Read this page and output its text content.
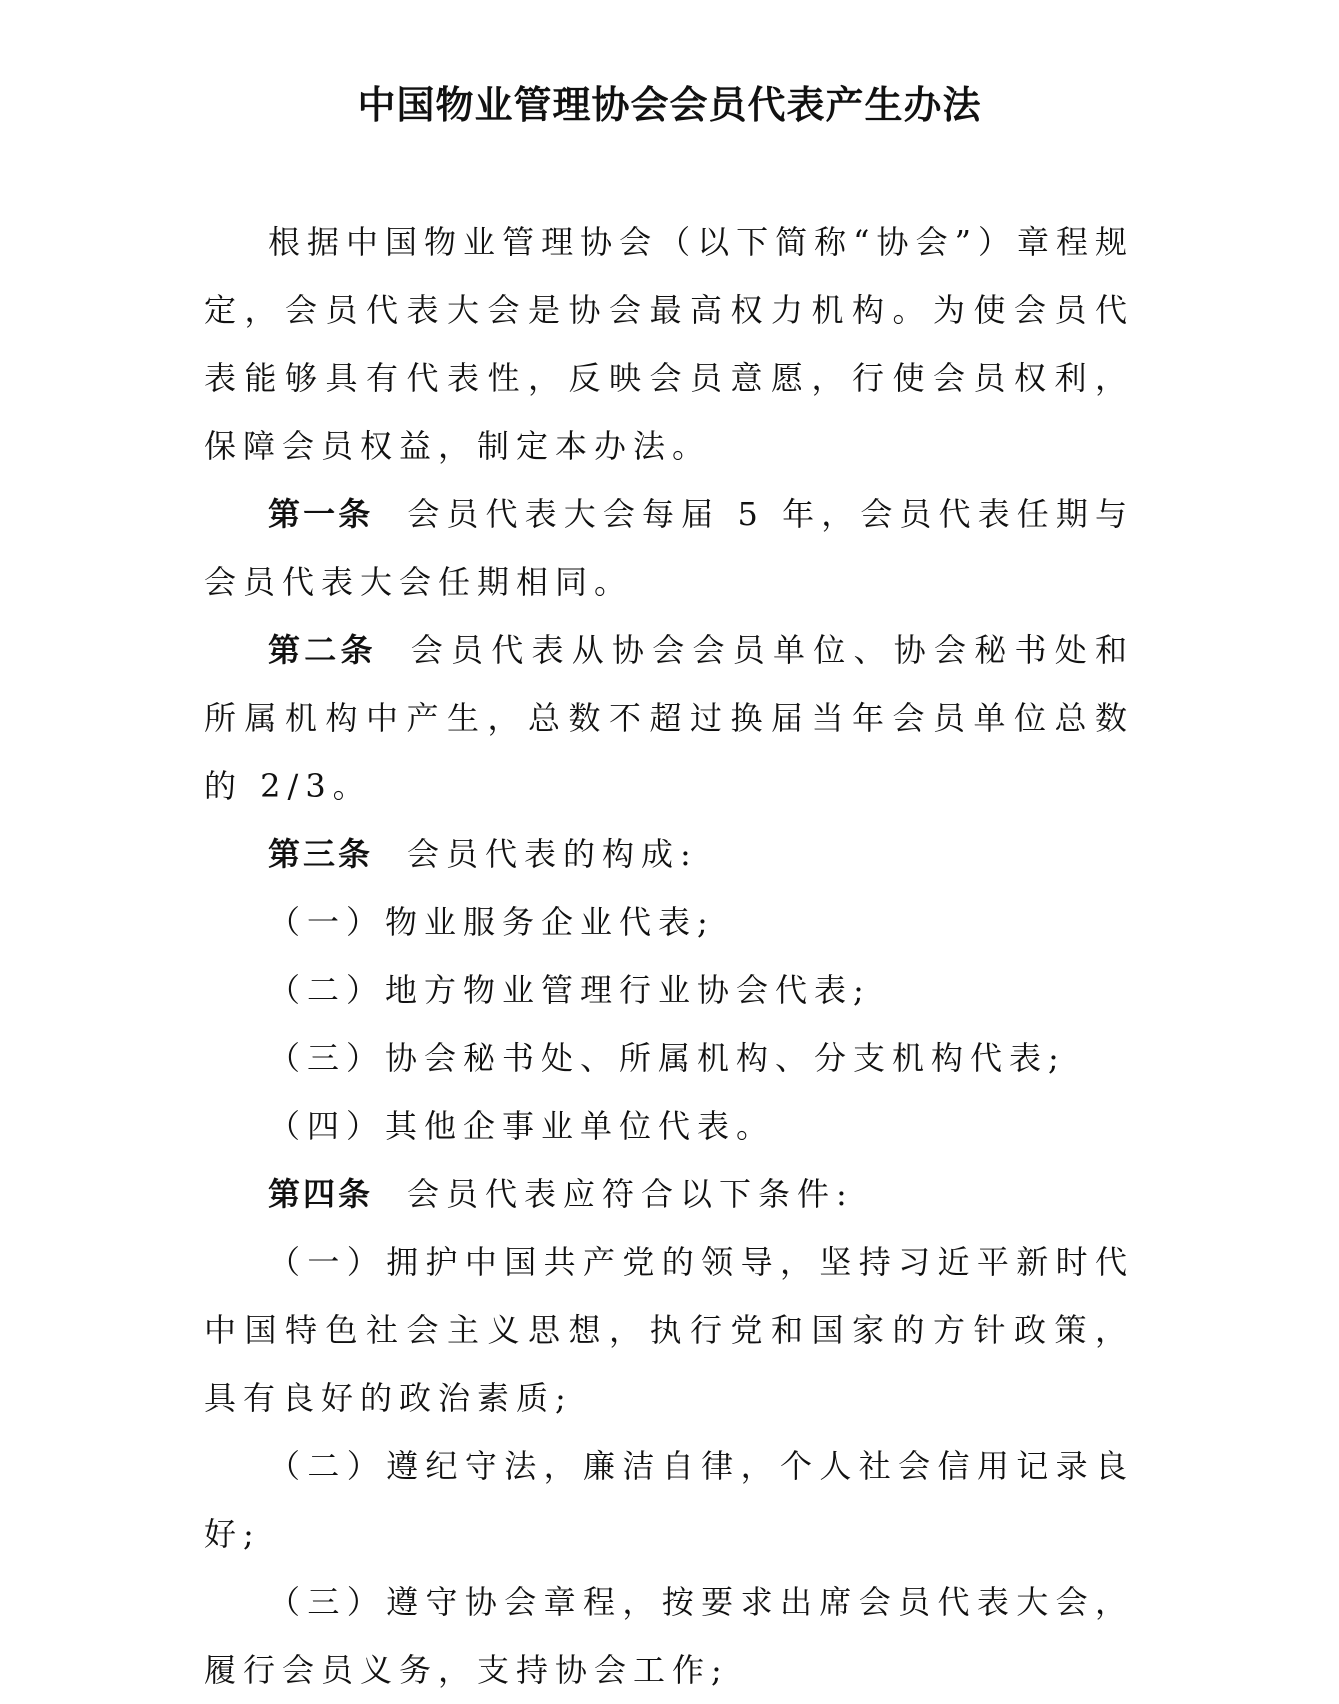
中国物业管理协会会员代表产生办法

根据中国物业管理协会（以下简称“协会”）章程规定，会员代表大会是协会最高权力机构。为使会员代表能够具有代表性，反映会员意愿，行使会员权利，保障会员权益，制定本办法。

第一条 会员代表大会每届 5 年，会员代表任期与会员代表大会任期相同。

第二条 会员代表从协会会员单位、协会秘书处和所属机构中产生，总数不超过换届当年会员单位总数的 2/3。

第三条 会员代表的构成:

（一）物业服务企业代表;

（二）地方物业管理行业协会代表;

（三）协会秘书处、所属机构、分支机构代表;

（四）其他企事业单位代表。

第四条 会员代表应符合以下条件:

（一）拥护中国共产党的领导，坚持习近平新时代中国特色社会主义思想，执行党和国家的方针政策，具有良好的政治素质;

（二）遵纪守法，廉洁自律，个人社会信用记录良好;

（三）遵守协会章程，按要求出席会员代表大会，履行会员义务，支持协会工作;
